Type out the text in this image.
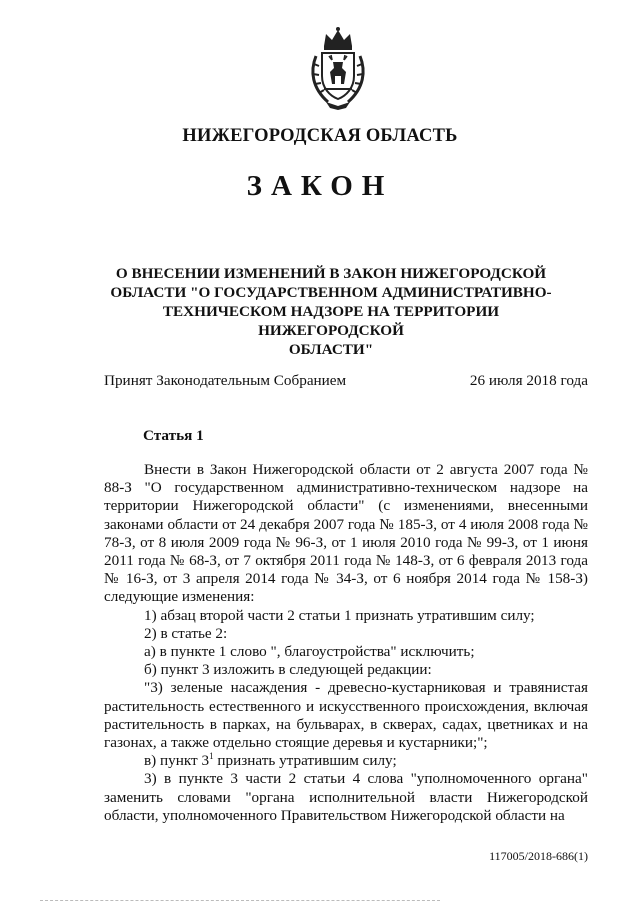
НИЖЕГОРОДСКАЯ ОБЛАСТЬ
ЗАКОН
О ВНЕСЕНИИ ИЗМЕНЕНИЙ В ЗАКОН НИЖЕГОРОДСКОЙ
ОБЛАСТИ "О ГОСУДАРСТВЕННОМ АДМИНИСТРАТИВНО-
ТЕХНИЧЕСКОМ НАДЗОРЕ НА ТЕРРИТОРИИ НИЖЕГОРОДСКОЙ
ОБЛАСТИ"
Принят Законодательным Собранием	26 июля 2018 года
Статья 1

Внести в Закон Нижегородской области от 2 августа 2007 года № 88-З "О государственном административно-техническом надзоре на территории Нижегородской области" (с изменениями, внесенными законами области от 24 декабря 2007 года № 185-З, от 4 июля 2008 года № 78-З, от 8 июля 2009 года № 96-З, от 1 июля 2010 года № 99-З, от 1 июня 2011 года № 68-З, от 7 октября 2011 года № 148-З, от 6 февраля 2013 года № 16-З, от 3 апреля 2014 года № 34-З, от 6 ноября 2014 года № 158-З) следующие изменения:

1) абзац второй части 2 статьи 1 признать утратившим силу;

2) в статье 2:

а) в пункте 1 слово ", благоустройства" исключить;

б) пункт 3 изложить в следующей редакции:

"3) зеленые насаждения - древесно-кустарниковая и травянистая растительность естественного и искусственного происхождения, включая растительность в парках, на бульварах, в скверах, садах, цветниках и на газонах, а также отдельно стоящие деревья и кустарники;";

в) пункт $3^1$ признать утратившим силу;

3) в пункте 3 части 2 статьи 4 слова "уполномоченного органа" заменить словами "органа исполнительной власти Нижегородской области, уполномоченного Правительством Нижегородской области на

117005/2018-686(1)
